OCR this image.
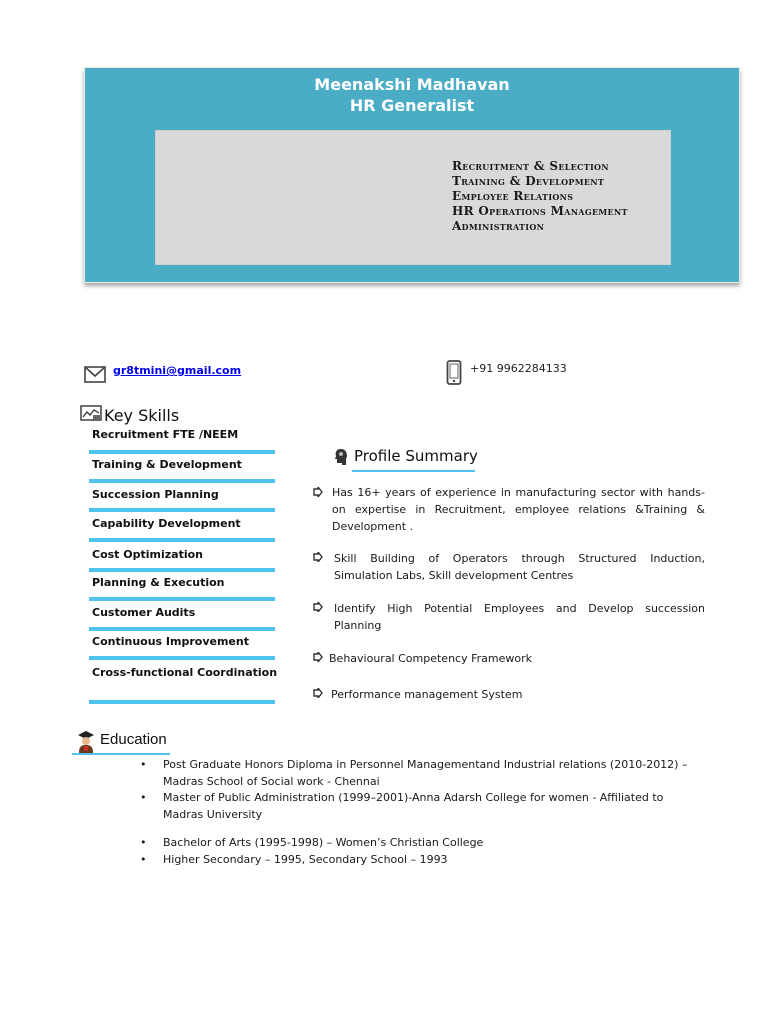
Meenakshi Madhavan
HR Generalist
Recruitment & Selection
Training & Development
Employee Relations
HR Operations Management
Administration
gr8tmini@gmail.com	+91 9962284133
Key Skills
Recruitment FTE /NEEM
Training & Development
Succession Planning
Capability Development
Cost Optimization
Planning & Execution
Customer Audits
Continuous Improvement
Cross-functional Coordination
Profile Summary
Has 16+ years of experience in manufacturing sector with hands-on expertise in Recruitment, employee relations &Training & Development .
Skill Building of Operators through Structured Induction, Simulation Labs, Skill development Centres
Identify High Potential Employees and Develop succession Planning
Behavioural Competency Framework
Performance management System
Education
• Post Graduate Honors Diploma in Personnel Managementand Industrial relations (2010-2012) – Madras School of Social work - Chennai
• Master of Public Administration (1999–2001)-Anna Adarsh College for women - Affiliated to Madras University
• Bachelor of Arts (1995-1998) – Women’s Christian College
• Higher Secondary – 1995, Secondary School – 1993
